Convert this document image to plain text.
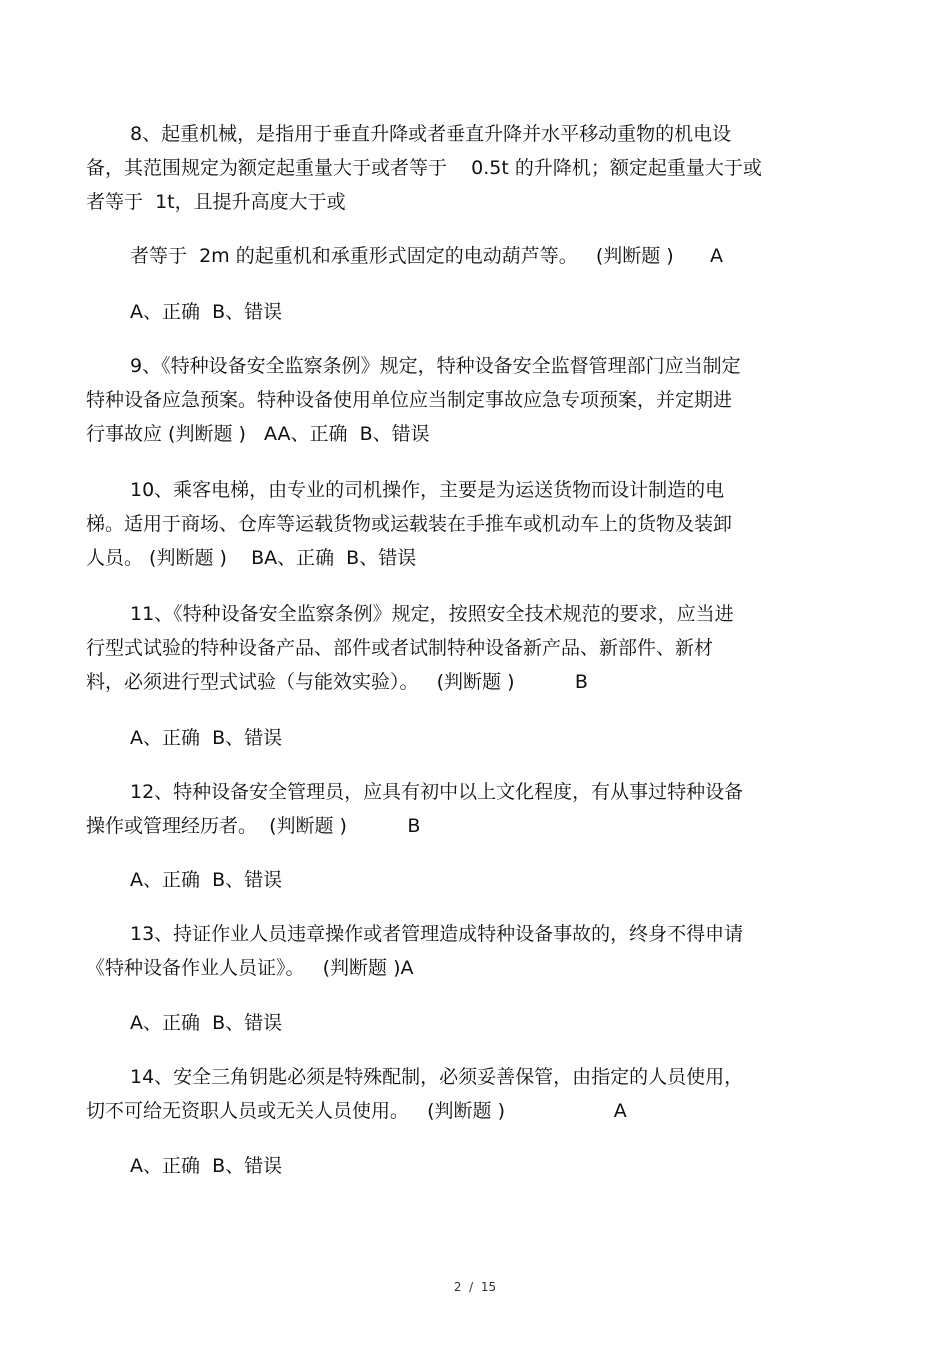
8、起重机械，是指用于垂直升降或者垂直升降并水平移动重物的机电设

备，其范围规定为额定起重量大于或者等于    0.5t 的升降机；额定起重量大于或

者等于  1t，且提升高度大于或

者等于  2m 的起重机和承重形式固定的电动葫芦等。   (判断题 )      A

A、正确  B、错误

9、《特种设备安全监察条例》规定，特种设备安全监督管理部门应当制定

特种设备应急预案。特种设备使用单位应当制定事故应急专项预案，并定期进

行事故应 (判断题 )   AA、正确  B、错误

10、乘客电梯，由专业的司机操作，主要是为运送货物而设计制造的电

梯。适用于商场、仓库等运载货物或运载装在手推车或机动车上的货物及装卸

人员。 (判断题 )    BA、正确  B、错误

11、《特种设备安全监察条例》规定，按照安全技术规范的要求，应当进

行型式试验的特种设备产品、部件或者试制特种设备新产品、新部件、新材

料，必须进行型式试验（与能效实验）。   (判断题 )          B

A、正确  B、错误

12、特种设备安全管理员，应具有初中以上文化程度，有从事过特种设备

操作或管理经历者。  (判断题 )          B

A、正确  B、错误

13、持证作业人员违章操作或者管理造成特种设备事故的，终身不得申请

《特种设备作业人员证》。   (判断题 )A

A、正确  B、错误

14、安全三角钥匙必须是特殊配制，必须妥善保管，由指定的人员使用，

切不可给无资职人员或无关人员使用。   (判断题 )                  A

A、正确  B、错误

2  /  15
